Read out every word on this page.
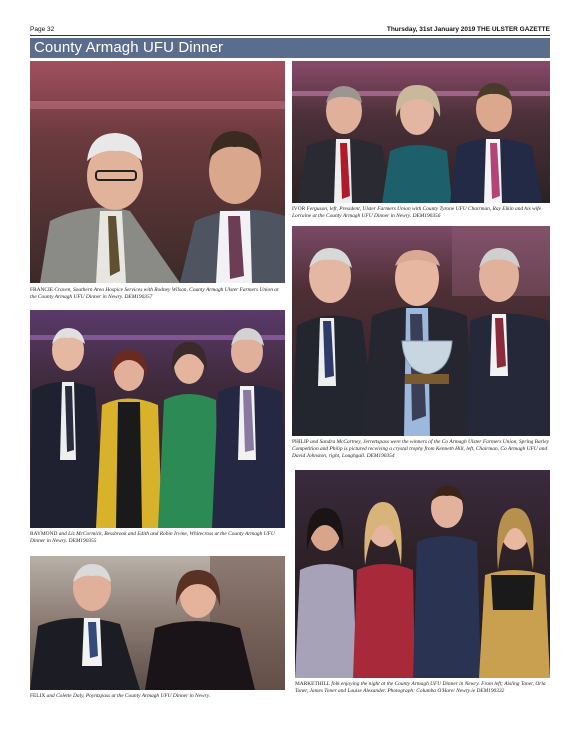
Page 32	Thursday, 31st January 2019 THE ULSTER GAZETTE
County Armagh UFU Dinner
FRANCIE Craven, Southern Area Hospice Services with Rodney Wilson, County Armagh Ulster Farmers Union at the County Armagh UFU Dinner in Newry. DEM190357
IVOR Ferguson, left, President, Ulster Farmers Union with County Tyrone UFU Chairman, Ray Elkin and his wife Lorraine at the County Armagh UFU Dinner in Newry. DEM190356
PHILIP and Sandra McCartney, Jerrettspass were the winners of the Co Armagh Ulster Farmers Union, Spring Barley Competition and Philip is pictured receiving a crystal trophy from Kenneth Hill, left, Chairman, Co Armagh UFU and David Johnston, right, Loughgall. DEM190354
RAYMOND and Liz McCormick, Bessbrook and Edith and Robin Irvine, Whitecross at the County Armagh UFU Dinner in Newry. DEM190355
MARKETHILL folk enjoying the night at the County Armagh UFU Dinner in Newry. From left; Aisling Toner, Orla Toner, James Toner and Louise Alexander. Photograph: Columba O'Hare/ Newry.ie DEM190332
FELIX and Colette Daly, Poyntzpass at the County Armagh UFU Dinner in Newry.
